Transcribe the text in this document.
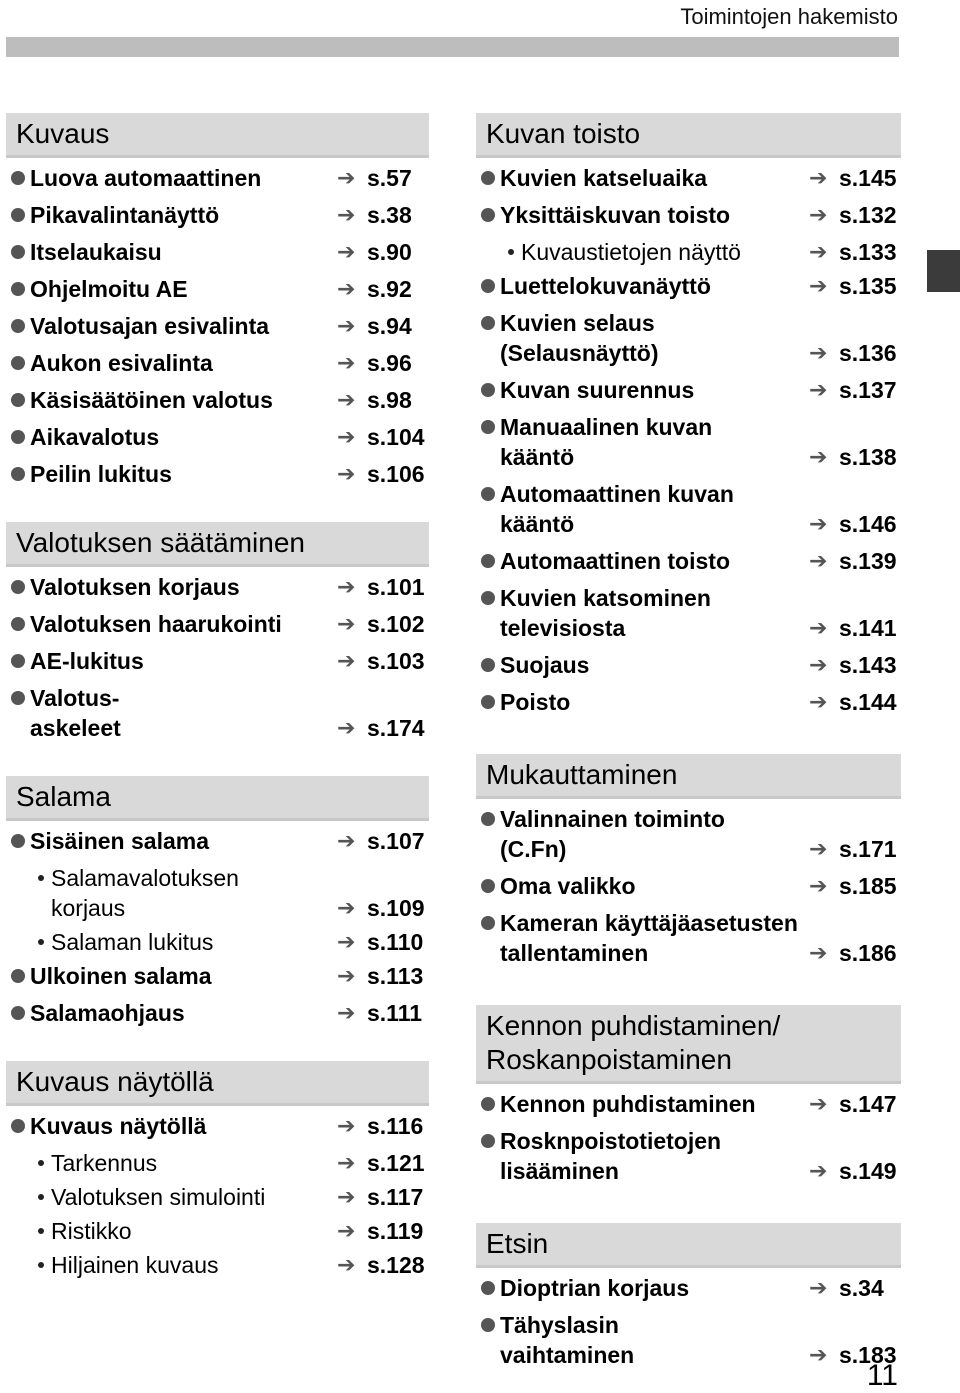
Toimintojen hakemisto
Kuvaus
Luova automaattinen	➔ s.57
Pikavalintanäyttö	➔ s.38
Itselaukaisu	➔ s.90
Ohjelmoitu AE	➔ s.92
Valotusajan esivalinta	➔ s.94
Aukon esivalinta	➔ s.96
Käsisäätöinen valotus	➔ s.98
Aikavalotus	➔ s.104
Peilin lukitus	➔ s.106
Valotuksen säätäminen
Valotuksen korjaus	➔ s.101
Valotuksen haarukointi	➔ s.102
AE-lukitus	➔ s.103
Valotus-
askeleet	➔ s.174
Salama
Sisäinen salama	➔ s.107
Salamavalotuksen
korjaus	➔ s.109
Salaman lukitus	➔ s.110
Ulkoinen salama	➔ s.113
Salamaohjaus	➔ s.111
Kuvaus näytöllä
Kuvaus näytöllä	➔ s.116
Tarkennus	➔ s.121
Valotuksen simulointi	➔ s.117
Ristikko	➔ s.119
Hiljainen kuvaus	➔ s.128
Kuvan toisto
Kuvien katseluaika	➔ s.145
Yksittäiskuvan toisto	➔ s.132
Kuvaustietojen näyttö	➔ s.133
Luettelokuvanäyttö	➔ s.135
Kuvien selaus
(Selausnäyttö)	➔ s.136
Kuvan suurennus	➔ s.137
Manuaalinen kuvan
kääntö	➔ s.138
Automaattinen kuvan
kääntö	➔ s.146
Automaattinen toisto	➔ s.139
Kuvien katsominen
televisiosta	➔ s.141
Suojaus	➔ s.143
Poisto	➔ s.144
Mukauttaminen
Valinnainen toiminto
(C.Fn)	➔ s.171
Oma valikko	➔ s.185
Kameran käyttäjäasetusten
tallentaminen	➔ s.186
Kennon puhdistaminen/
Roskanpoistaminen
Kennon puhdistaminen	➔ s.147
Rosknpoistotietojen
lisääminen	➔ s.149
Etsin
Dioptrian korjaus	➔ s.34
Tähyslasin
vaihtaminen	➔ s.183
11
